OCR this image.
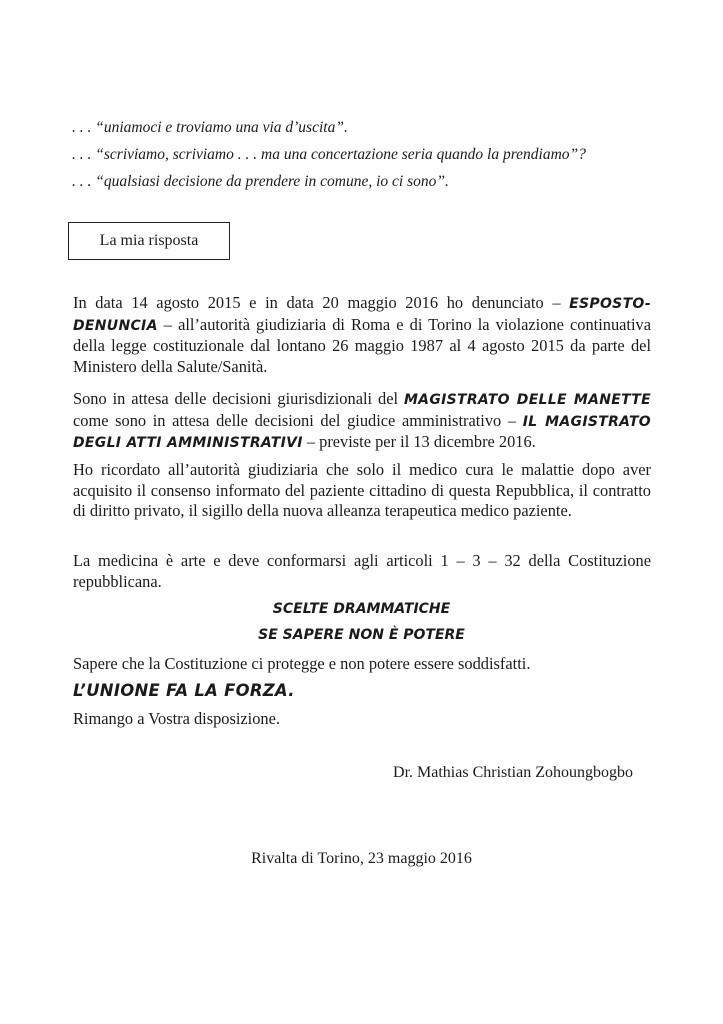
. . . “uniamoci e troviamo una via d’uscita”.
. . . “scriviamo, scriviamo . . . ma una concertazione seria quando la prendiamo”?
. . . “qualsiasi decisione da prendere in comune, io ci sono”.
La mia risposta
In data 14 agosto 2015 e in data 20 maggio 2016 ho denunciato – ESPOSTO-DENUNCIA – all’autorità giudiziaria di Roma e di Torino la violazione continuativa della legge costituzionale dal lontano 26 maggio 1987 al 4 agosto 2015 da parte del Ministero della Salute/Sanità.
Sono in attesa delle decisioni giurisdizionali del MAGISTRATO DELLE MANETTE come sono in attesa delle decisioni del giudice amministrativo – IL MAGISTRATO DEGLI ATTI AMMINISTRATIVI – previste per il 13 dicembre 2016.
Ho ricordato all’autorità giudiziaria che solo il medico cura le malattie dopo aver acquisito il consenso informato del paziente cittadino di questa Repubblica, il contratto di diritto privato, il sigillo della nuova alleanza terapeutica medico paziente.
La medicina è arte e deve conformarsi agli articoli 1 – 3 – 32 della Costituzione repubblicana.
SCELTE DRAMMATICHE
SE SAPERE NON È POTERE
Sapere che la Costituzione ci protegge e non potere essere soddisfatti.
L’UNIONE FA LA FORZA.
Rimango a Vostra disposizione.
Dr. Mathias Christian Zohoungbogbo
Rivalta di Torino, 23 maggio 2016
